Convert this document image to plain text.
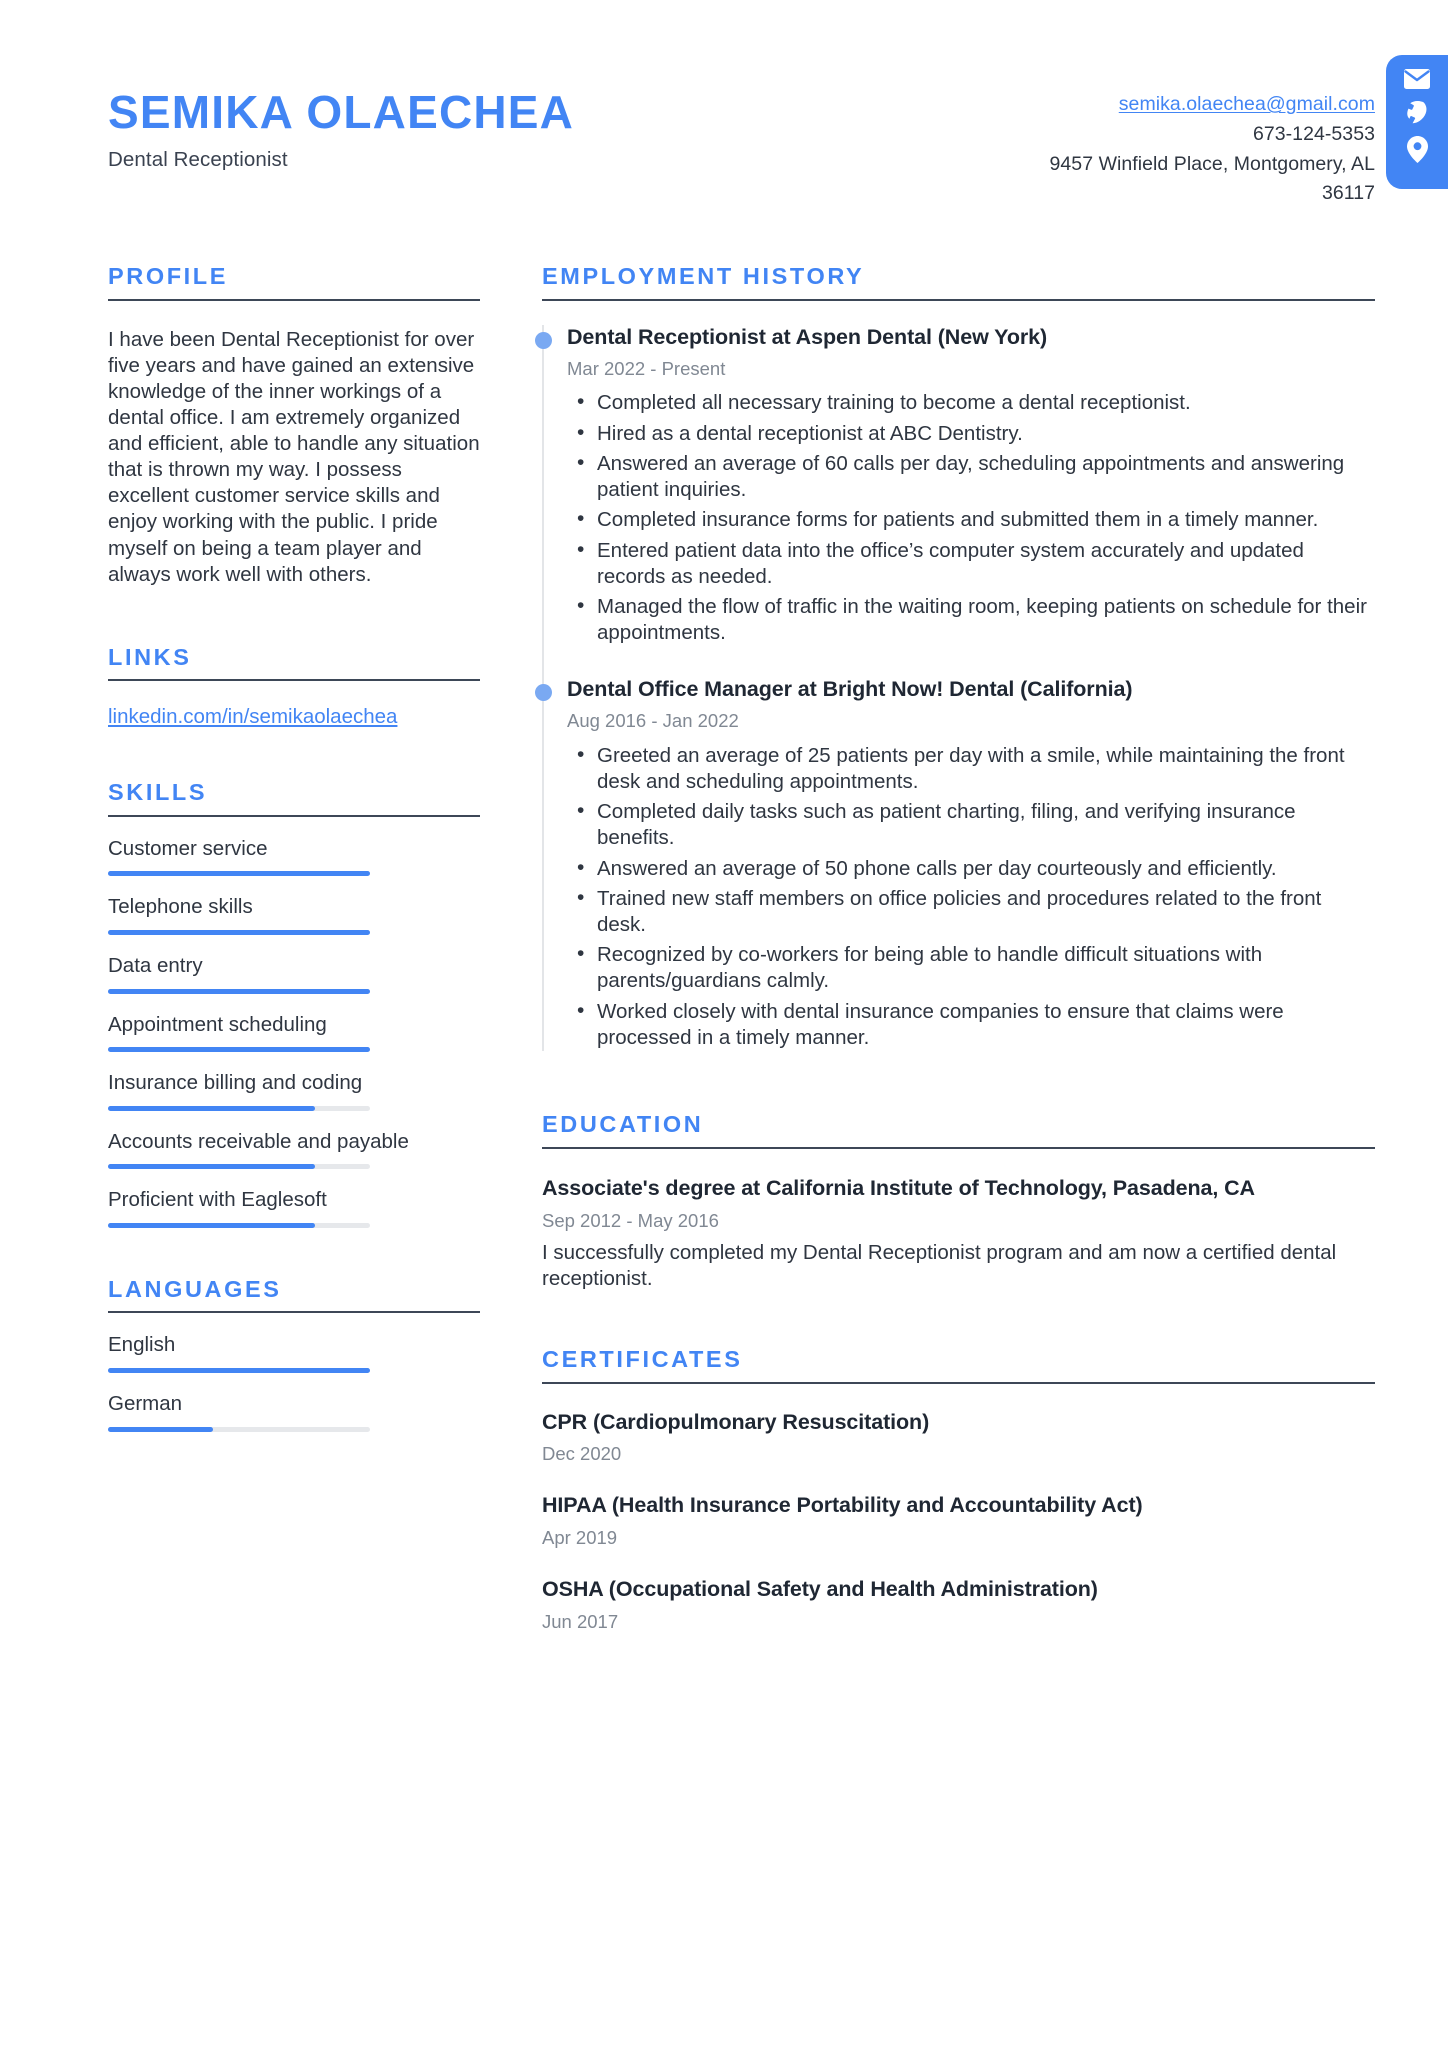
SEMIKA OLAECHEA
Dental Receptionist
semika.olaechea@gmail.com
673-124-5353
9457 Winfield Place, Montgomery, AL
36117
PROFILE
I have been Dental Receptionist for over five years and have gained an extensive knowledge of the inner workings of a dental office. I am extremely organized and efficient, able to handle any situation that is thrown my way. I possess excellent customer service skills and enjoy working with the public. I pride myself on being a team player and always work well with others.
LINKS
linkedin.com/in/semikaolaechea
SKILLS
Customer service
Telephone skills
Data entry
Appointment scheduling
Insurance billing and coding
Accounts receivable and payable
Proficient with Eaglesoft
LANGUAGES
English
German
EMPLOYMENT HISTORY
Dental Receptionist at Aspen Dental (New York)
Mar 2022 - Present
• Completed all necessary training to become a dental receptionist.
• Hired as a dental receptionist at ABC Dentistry.
• Answered an average of 60 calls per day, scheduling appointments and answering patient inquiries.
• Completed insurance forms for patients and submitted them in a timely manner.
• Entered patient data into the office’s computer system accurately and updated records as needed.
• Managed the flow of traffic in the waiting room, keeping patients on schedule for their appointments.
Dental Office Manager at Bright Now! Dental (California)
Aug 2016 - Jan 2022
• Greeted an average of 25 patients per day with a smile, while maintaining the front desk and scheduling appointments.
• Completed daily tasks such as patient charting, filing, and verifying insurance benefits.
• Answered an average of 50 phone calls per day courteously and efficiently.
• Trained new staff members on office policies and procedures related to the front desk.
• Recognized by co-workers for being able to handle difficult situations with parents/guardians calmly.
• Worked closely with dental insurance companies to ensure that claims were processed in a timely manner.
EDUCATION
Associate's degree at California Institute of Technology, Pasadena, CA
Sep 2012 - May 2016
I successfully completed my Dental Receptionist program and am now a certified dental receptionist.
CERTIFICATES
CPR (Cardiopulmonary Resuscitation)
Dec 2020
HIPAA (Health Insurance Portability and Accountability Act)
Apr 2019
OSHA (Occupational Safety and Health Administration)
Jun 2017
